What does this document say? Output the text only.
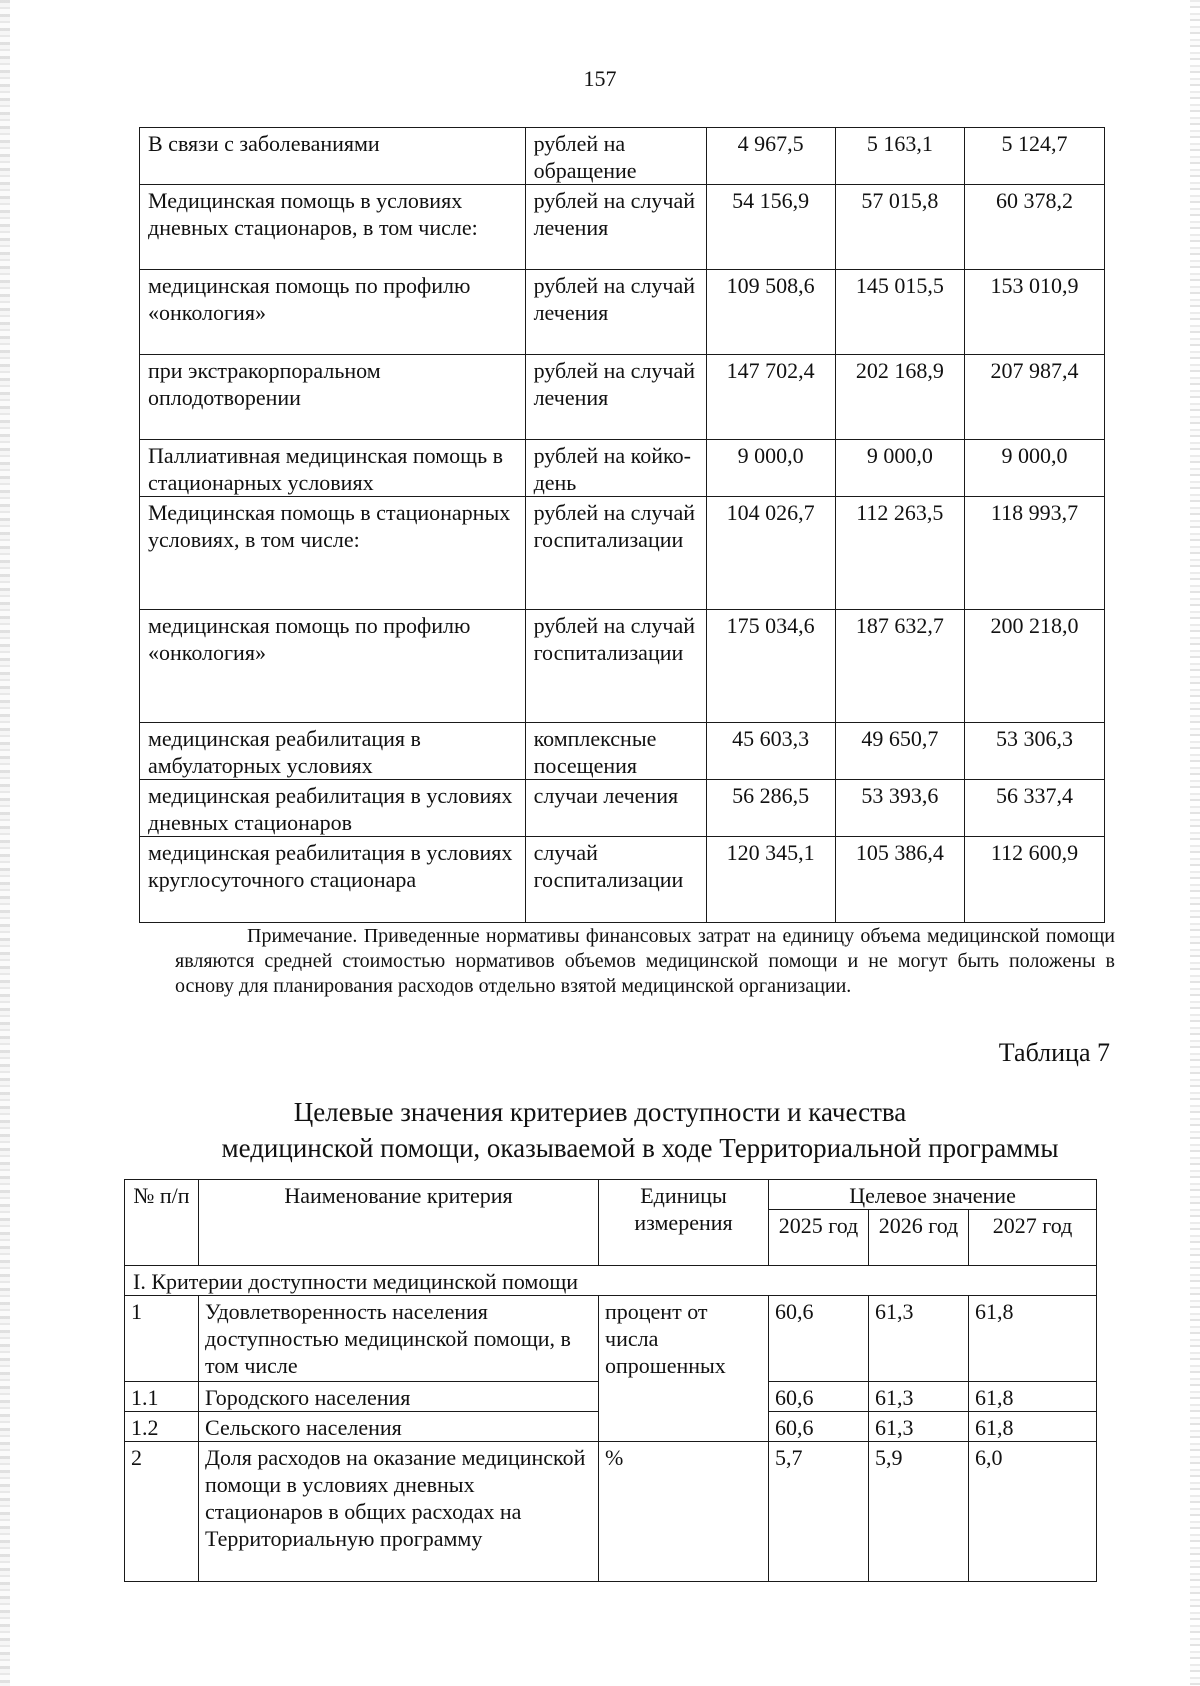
157
В связи с заболеваниями	рублей на обращение	4 967,5	5 163,1	5 124,7
Медицинская помощь в условиях дневных стационаров, в том числе:	рублей на случай лечения	54 156,9	57 015,8	60 378,2
медицинская помощь по профилю «онкология»	рублей на случай лечения	109 508,6	145 015,5	153 010,9
при экстракорпоральном оплодотворении	рублей на случай лечения	147 702,4	202 168,9	207 987,4
Паллиативная медицинская помощь в стационарных условиях	рублей на койко-день	9 000,0	9 000,0	9 000,0
Медицинская помощь в стационарных условиях, в том числе:	рублей на случай госпитализации	104 026,7	112 263,5	118 993,7
медицинская помощь по профилю «онкология»	рублей на случай госпитализации	175 034,6	187 632,7	200 218,0
медицинская реабилитация в амбулаторных условиях	комплексные посещения	45 603,3	49 650,7	53 306,3
медицинская реабилитация в условиях дневных стационаров	случаи лечения	56 286,5	53 393,6	56 337,4
медицинская реабилитация в условиях круглосуточного стационара	случай госпитализации	120 345,1	105 386,4	112 600,9
Примечание. Приведенные нормативы финансовых затрат на единицу объема медицинской помощи являются средней стоимостью нормативов объемов медицинской помощи и не могут быть положены в основу для планирования расходов отдельно взятой медицинской организации.
Таблица 7
Целевые значения критериев доступности и качества
медицинской помощи, оказываемой в ходе Территориальной программы
№ п/п	Наименование критерия	Единицы измерения	Целевое значение		
			2025 год	2026 год	2027 год
I. Критерии доступности медицинской помощи					
1	Удовлетворенность населения доступностью медицинской помощи, в том числе	процент от числа опрошенных	60,6	61,3	61,8
1.1	Городского населения		60,6	61,3	61,8
1.2	Сельского населения		60,6	61,3	61,8
2	Доля расходов на оказание медицинской помощи в условиях дневных стационаров в общих расходах на Территориальную программу	%	5,7	5,9	6,0
